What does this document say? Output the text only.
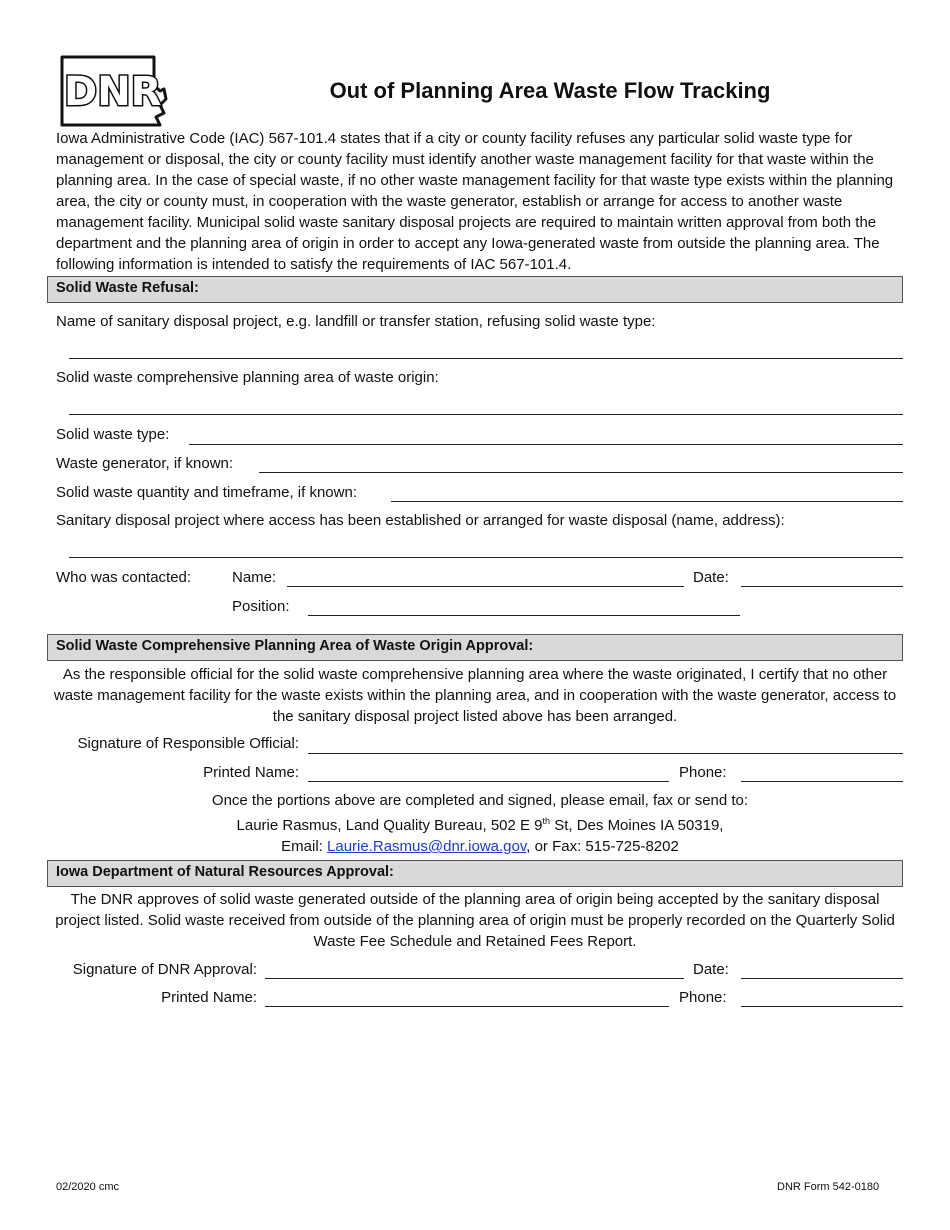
DNR	Out of Planning Area Waste Flow Tracking
Iowa Administrative Code (IAC) 567-101.4 states that if a city or county facility refuses any particular solid waste type for management or disposal, the city or county facility must identify another waste management facility for that waste within the planning area. In the case of special waste, if no other waste management facility for that waste type exists within the planning area, the city or county must, in cooperation with the waste generator, establish or arrange for access to another waste management facility. Municipal solid waste sanitary disposal projects are required to maintain written approval from both the department and the planning area of origin in order to accept any Iowa-generated waste from outside the planning area. The following information is intended to satisfy the requirements of IAC 567-101.4.
Solid Waste Refusal:
Name of sanitary disposal project, e.g. landfill or transfer station, refusing solid waste type:
Solid waste comprehensive planning area of waste origin:
Solid waste type:
Waste generator, if known:
Solid waste quantity and timeframe, if known:
Sanitary disposal project where access has been established or arranged for waste disposal (name, address):
Who was contacted:	Name:	Date:
Position:
Solid Waste Comprehensive Planning Area of Waste Origin Approval:
As the responsible official for the solid waste comprehensive planning area where the waste originated, I certify that no other waste management facility for the waste exists within the planning area, and in cooperation with the waste generator, access to the sanitary disposal project listed above has been arranged.
Signature of Responsible Official:
Printed Name:	Phone:
Once the portions above are completed and signed, please email, fax or send to:
Laurie Rasmus, Land Quality Bureau, 502 E 9th St, Des Moines IA 50319,
Email: Laurie.Rasmus@dnr.iowa.gov, or Fax: 515-725-8202
Iowa Department of Natural Resources Approval:
The DNR approves of solid waste generated outside of the planning area of origin being accepted by the sanitary disposal project listed. Solid waste received from outside of the planning area of origin must be properly recorded on the Quarterly Solid Waste Fee Schedule and Retained Fees Report.
Signature of DNR Approval:	Date:
Printed Name:	Phone:
02/2020 cmc	DNR Form 542-0180
